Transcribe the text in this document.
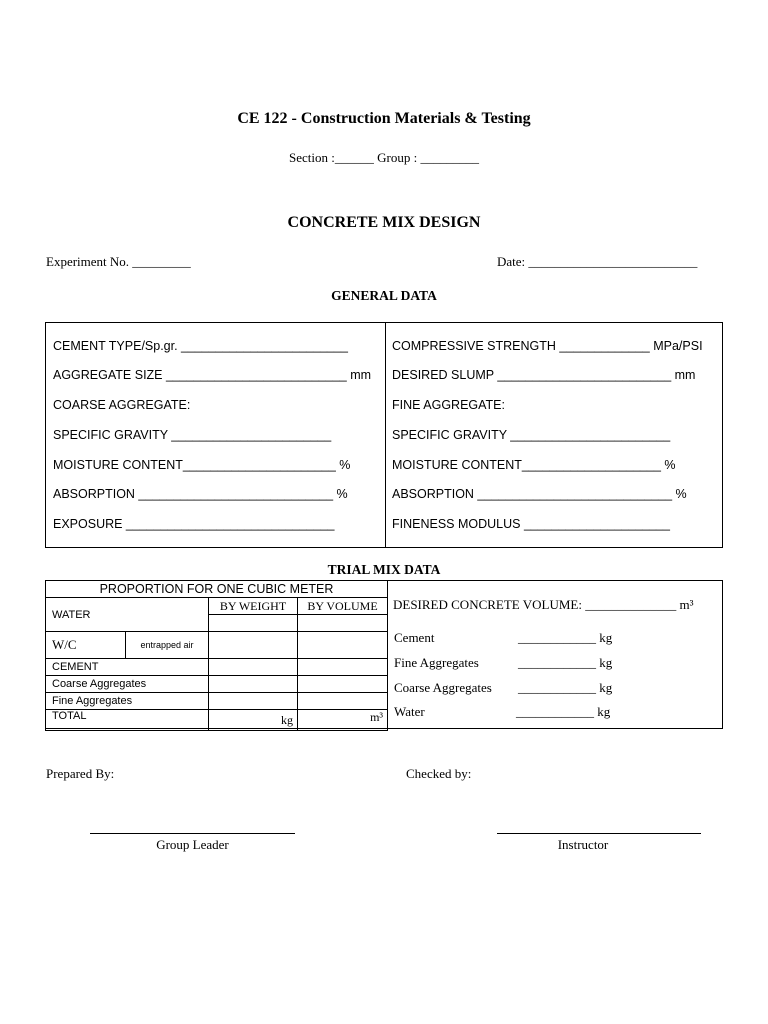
CE 122 - Construction Materials & Testing
Section :______ Group : _________
CONCRETE MIX DESIGN
Experiment No. _________	Date: __________________________
GENERAL DATA
CEMENT TYPE/Sp.gr. ________________________
AGGREGATE SIZE __________________________ mm
COARSE AGGREGATE:
SPECIFIC GRAVITY _______________________
MOISTURE CONTENT______________________ %
ABSORPTION ____________________________ %
EXPOSURE ______________________________
COMPRESSIVE STRENGTH _____________ MPa/PSI
DESIRED SLUMP _________________________ mm
FINE AGGREGATE:
SPECIFIC GRAVITY _______________________
MOISTURE CONTENT____________________ %
ABSORPTION ____________________________ %
FINENESS MODULUS _____________________
TRIAL MIX DATA
PROPORTION FOR ONE CUBIC METER			
WATER		BY WEIGHT	BY VOLUME

W/C	entrapped air		
CEMENT			
Coarse Aggregates			
Fine Aggregates			
TOTAL		kg	m³
DESIRED CONCRETE VOLUME: ______________ m³
Cement	____________ kg
Fine Aggregates	____________ kg
Coarse Aggregates ____________ kg
Water	____________ kg
Prepared By:	Checked by:
Group Leader	Instructor
